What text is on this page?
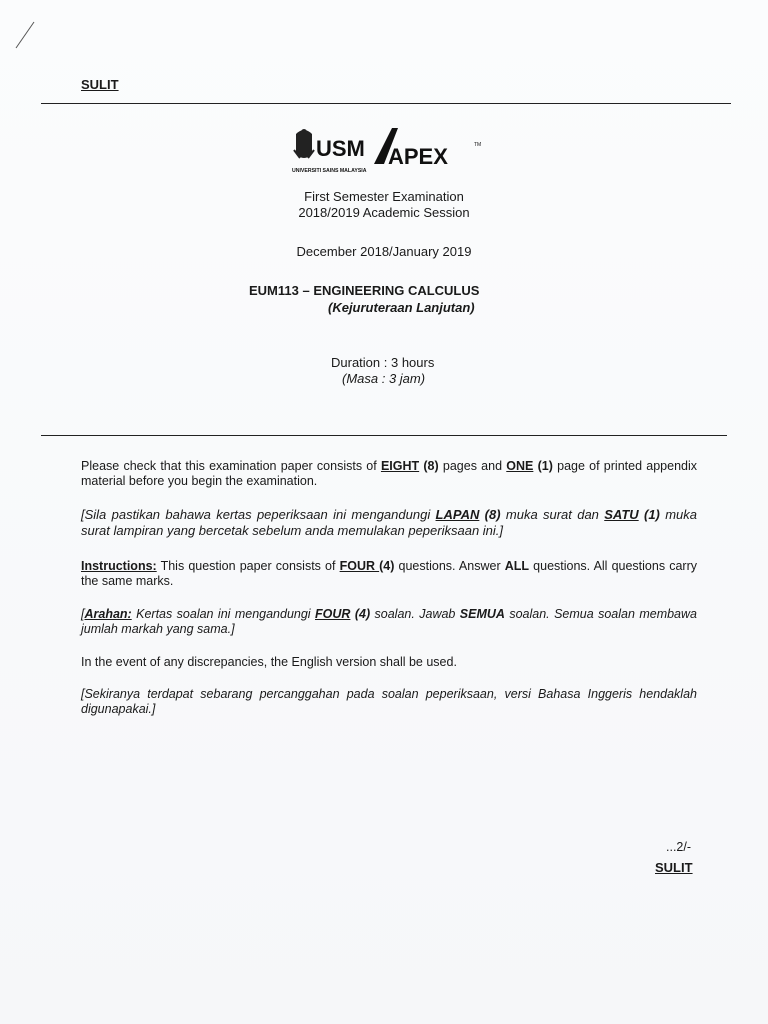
SULIT
USM
UNIVERSITI SAINS MALAYSIA
APEX	TM
First Semester Examination
2018/2019 Academic Session
December 2018/January 2019
EUM113 – ENGINEERING CALCULUS
(Kejuruteraan Lanjutan)
Duration : 3 hours
(Masa : 3 jam)
Please check that this examination paper consists of EIGHT (8) pages and ONE (1) page of printed appendix material before you begin the examination.
[Sila pastikan bahawa kertas peperiksaan ini mengandungi LAPAN (8) muka surat dan SATU (1) muka surat lampiran yang bercetak sebelum anda memulakan peperiksaan ini.]
Instructions: This question paper consists of FOUR (4) questions. Answer ALL questions. All questions carry the same marks.
[Arahan: Kertas soalan ini mengandungi FOUR (4) soalan. Jawab SEMUA soalan. Semua soalan membawa jumlah markah yang sama.]
In the event of any discrepancies, the English version shall be used.
[Sekiranya terdapat sebarang percanggahan pada soalan peperiksaan, versi Bahasa Inggeris hendaklah digunapakai.]
...2/-
SULIT
